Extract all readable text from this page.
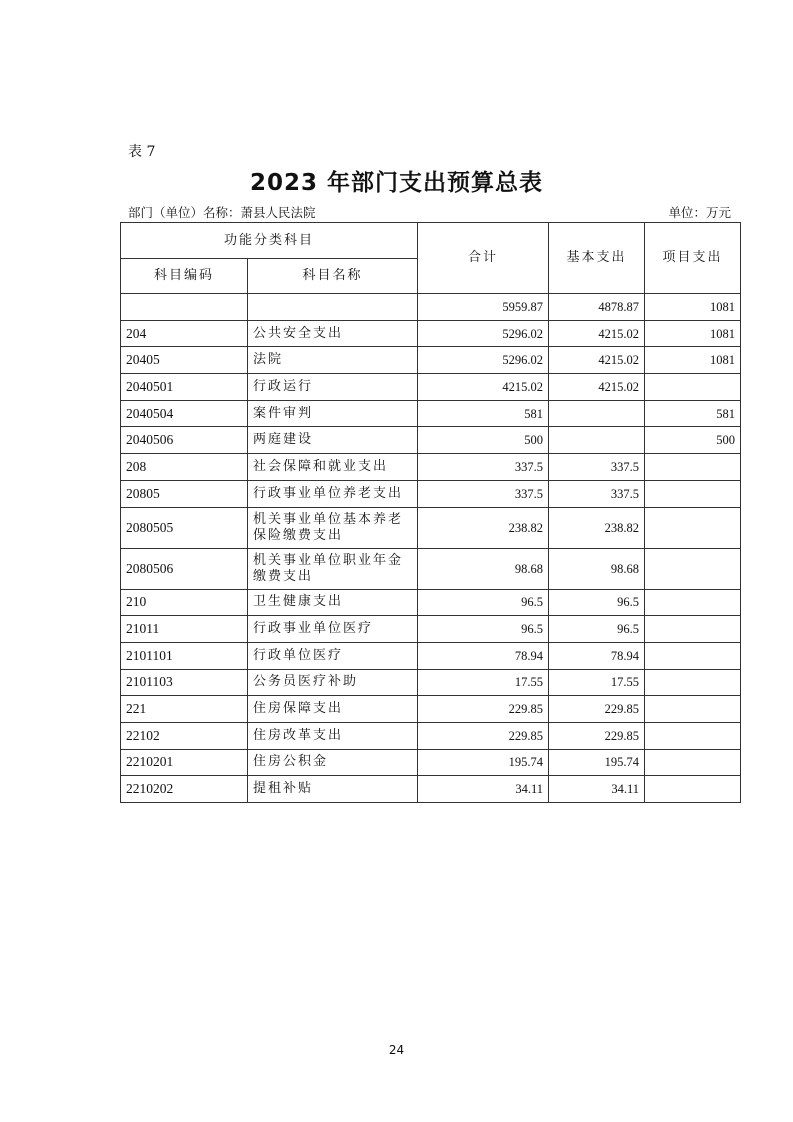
表 7
2023 年部门支出预算总表
部门（单位）名称：萧县人民法院	单位：万元
功能分类科目		合计	基本支出	项目支出
科目编码	科目名称			
		5959.87	4878.87	1081
204	公共安全支出	5296.02	4215.02	1081
20405	法院	5296.02	4215.02	1081
2040501	行政运行	4215.02	4215.02	
2040504	案件审判	581		581
2040506	两庭建设	500		500
208	社会保障和就业支出	337.5	337.5	
20805	行政事业单位养老支出	337.5	337.5	
2080505	机关事业单位基本养老保险缴费支出	238.82	238.82	
2080506	机关事业单位职业年金缴费支出	98.68	98.68	
210	卫生健康支出	96.5	96.5	
21011	行政事业单位医疗	96.5	96.5	
2101101	行政单位医疗	78.94	78.94	
2101103	公务员医疗补助	17.55	17.55	
221	住房保障支出	229.85	229.85	
22102	住房改革支出	229.85	229.85	
2210201	住房公积金	195.74	195.74	
2210202	提租补贴	34.11	34.11	
24
